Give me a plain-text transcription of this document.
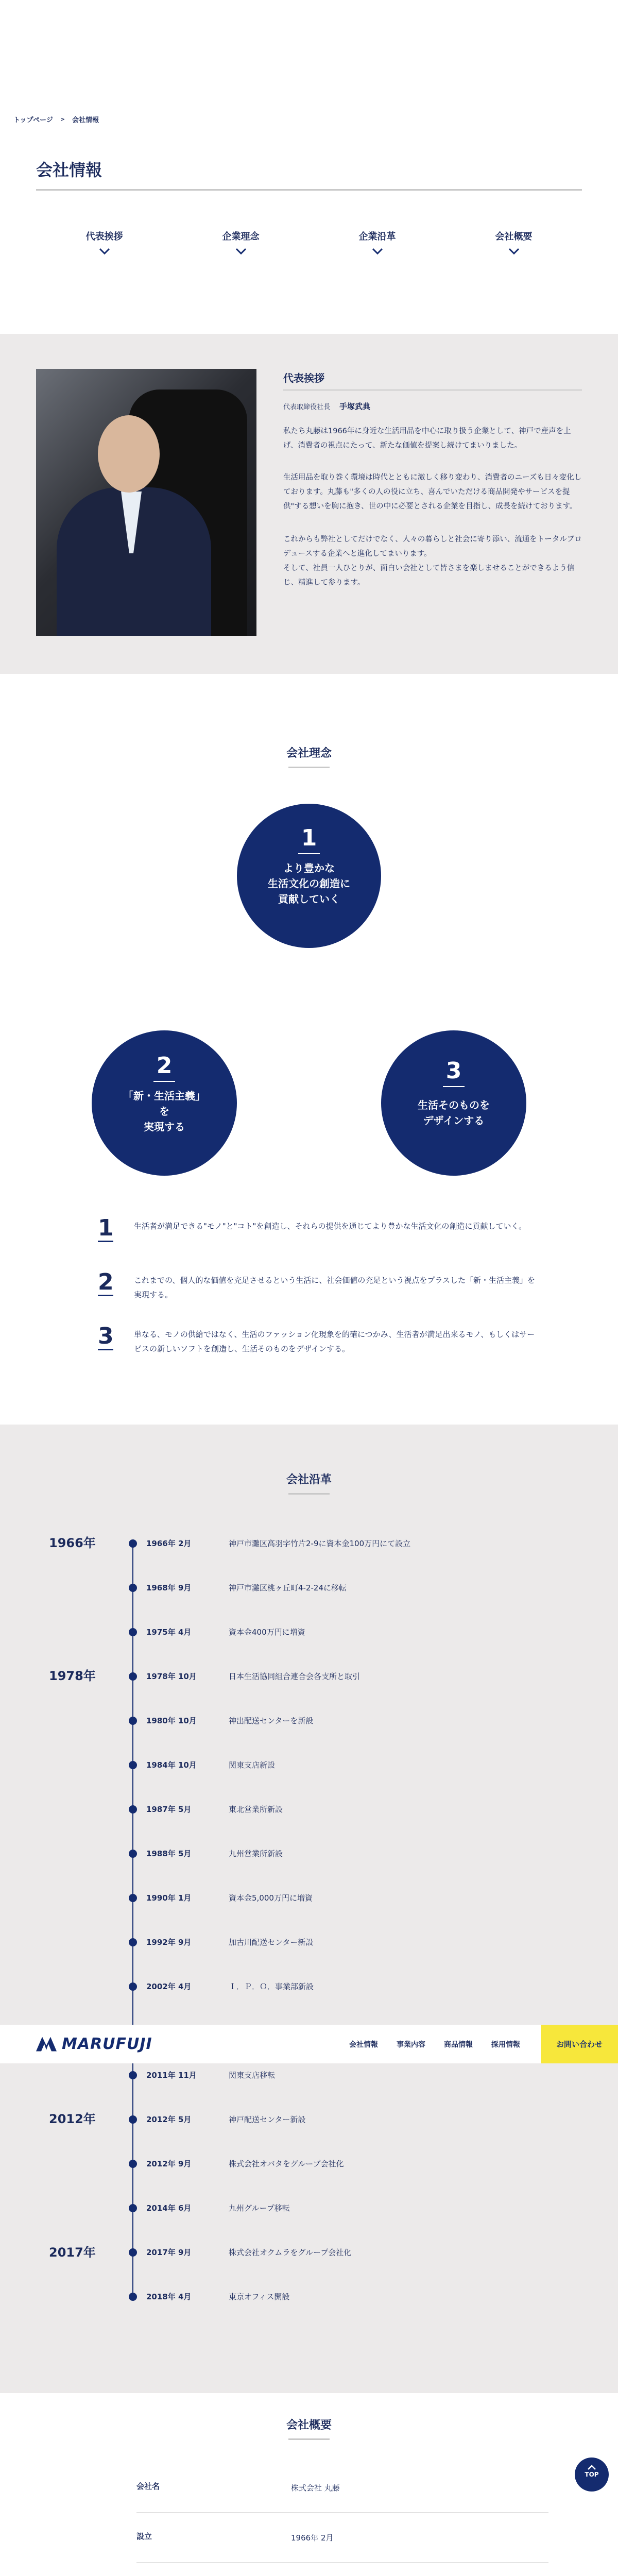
トップページ > 会社情報
会社情報
代表挨拶	企業理念	企業沿革	会社概要
代表挨拶
代表取締役社長 手塚武典

私たち丸藤は1966年に身近な生活用品を中心に取り扱う企業として、神戸で産声を上げ、消費者の視点にたって、新たな価値を提案し続けてまいりました。

生活用品を取り巻く環境は時代とともに激しく移り変わり、消費者のニーズも日々変化しております。丸藤も"多くの人の役に立ち、喜んでいただける商品開発やサービスを提供"する想いを胸に抱き、世の中に必要とされる企業を目指し、成長を続けております。

これからも弊社としてだけでなく、人々の暮らしと社会に寄り添い、流通をトータルプロデュースする企業へと進化してまいります。

そして、社員一人ひとりが、面白い会社として皆さまを楽しませることができるよう信じ、精進して参ります。

会社理念
1
より豊かな
生活文化の創造に
貢献していく
2
「新・生活主義」
を
実現する
3
生活そのものを
デザインする
1	生活者が満足できる"モノ"と"コト"を創造し、それらの提供を通じてより豊かな生活文化の創造に貢献していく。

2	これまでの、個人的な価値を充足させるという生活に、社会価値の充足という視点をプラスした「新・生活主義」を実現する。

3	単なる、モノの供給ではなく、生活のファッション化現象を的確につかみ、生活者が満足出来るモノ、もしくはサービスの新しいソフトを創造し、生活そのものをデザインする。

会社沿革
1966年
1978年
2012年
2017年
1966年 2月	神戸市灘区高羽字竹片2-9に資本金100万円にて設立
1968年 9月	神戸市灘区桃ヶ丘町4-2-24に移転
1975年 4月	資本金400万円に増資
1978年 10月	日本生活協同組合連合会各支所と取引
1980年 10月	神出配送センターを新設
1984年 10月	関東支店新設
1987年 5月	東北営業所新設
1988年 5月	九州営業所新設
1990年 1月	資本金5,000万円に増資
1992年 9月	加古川配送センター新設
2002年 4月	Ｉ．Ｐ．Ｏ．事業部新設
2011年 11月	関東支店移転
2012年 5月	神戸配送センター新設
2012年 9月	株式会社オバタをグループ会社化
2014年 6月	九州グループ移転
2017年 9月	株式会社オクムラをグループ会社化
2018年 4月	東京オフィス開設
MARUFUJI	会社情報	事業内容	商品情報	採用情報	お問い合わせ
会社概要
会社名	株式会社 丸藤
設立	1966年 2月
TOP
